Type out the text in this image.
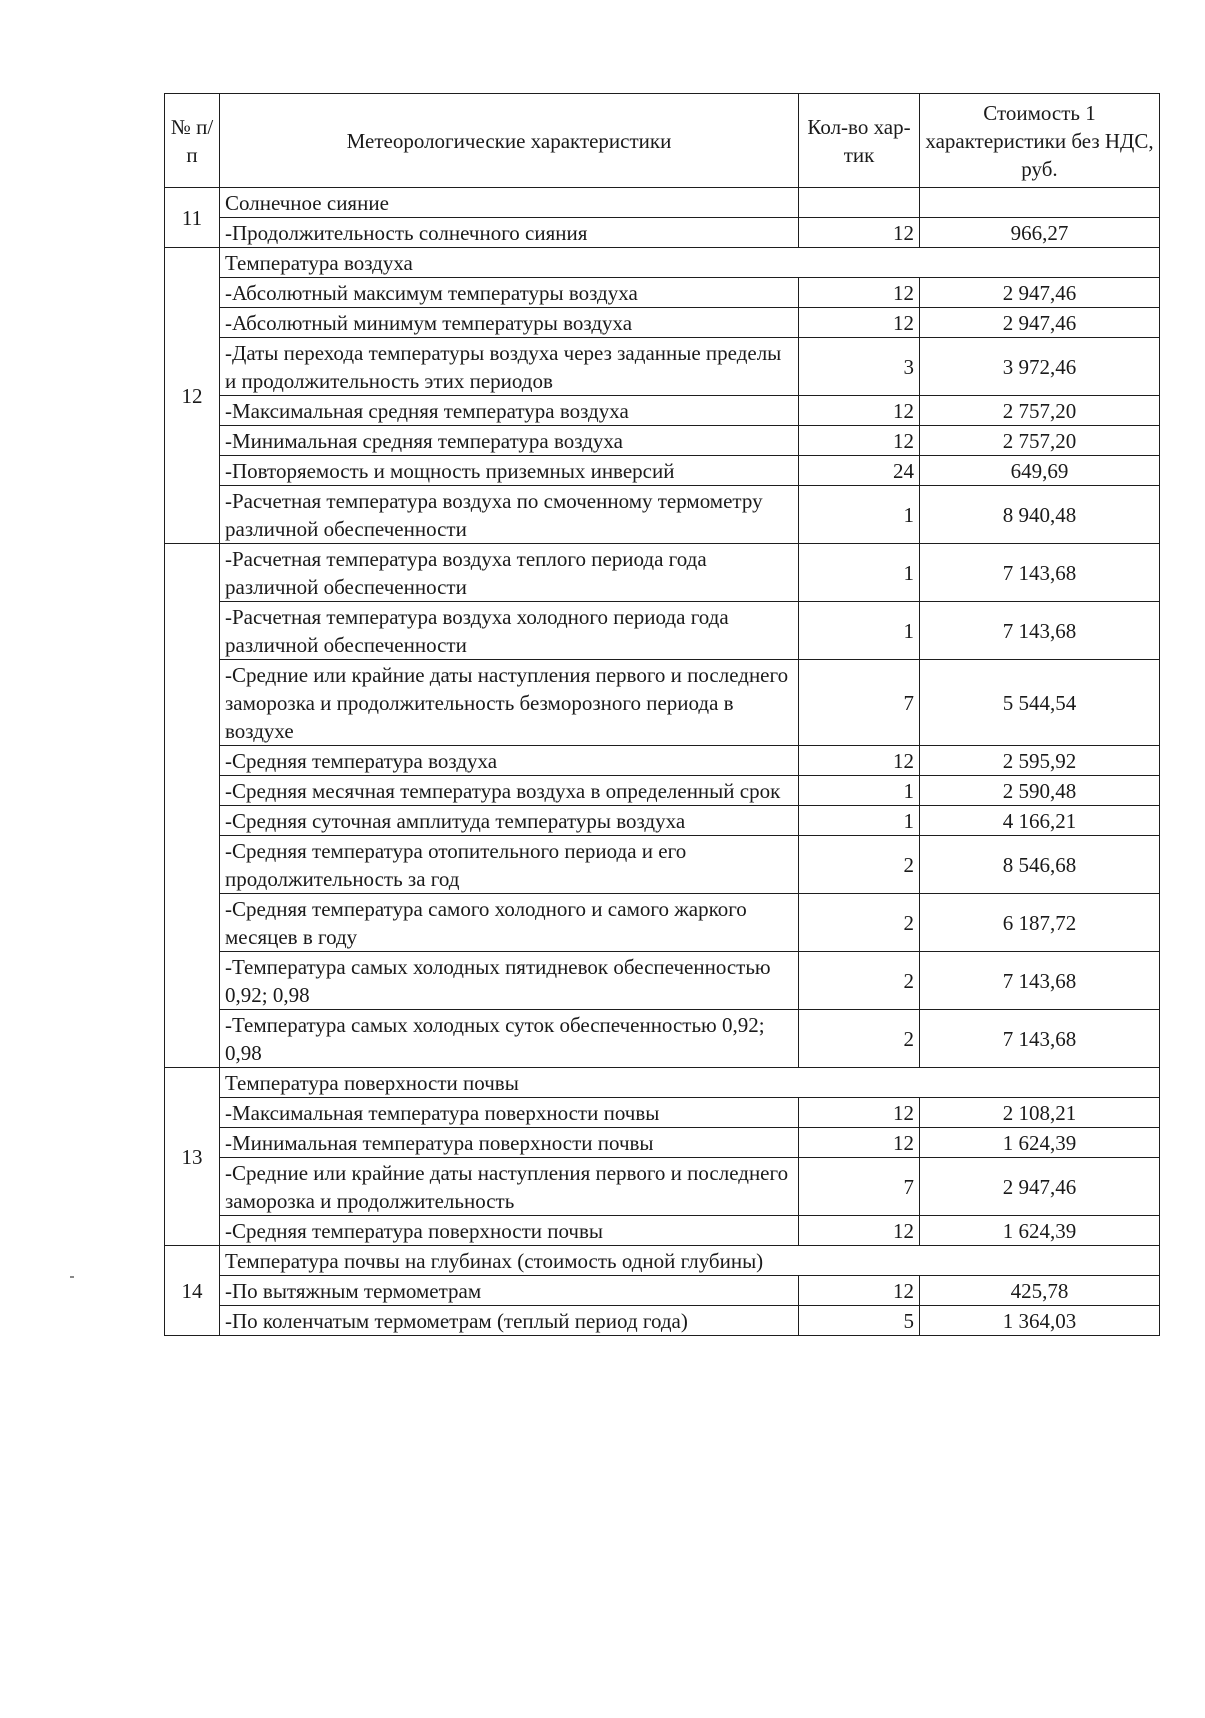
№ п/п	Метеорологические характеристики	Кол-во хар-тик	Стоимость 1 характеристики без НДС, руб.
11	Солнечное сияние		
	-Продолжительность солнечного сияния	12	966,27
12	Температура воздуха		
	-Абсолютный максимум температуры воздуха	12	2 947,46
	-Абсолютный минимум температуры воздуха	12	2 947,46
	-Даты перехода температуры воздуха через заданные пределы и продолжительность этих периодов	3	3 972,46
	-Максимальная средняя температура воздуха	12	2 757,20
	-Минимальная средняя температура воздуха	12	2 757,20
	-Повторяемость и мощность приземных инверсий	24	649,69
	-Расчетная температура воздуха по смоченному термометру различной обеспеченности	1	8 940,48
	-Расчетная температура воздуха теплого периода года различной обеспеченности	1	7 143,68
	-Расчетная температура воздуха холодного периода года различной обеспеченности	1	7 143,68
	-Средние или крайние даты наступления первого и последнего заморозка и продолжительность безморозного периода в воздухе	7	5 544,54
	-Средняя температура воздуха	12	2 595,92
	-Средняя месячная температура воздуха в определенный срок	1	2 590,48
	-Средняя суточная амплитуда температуры воздуха	1	4 166,21
	-Средняя температура отопительного периода и его продолжительность за год	2	8 546,68
	-Средняя температура самого холодного и самого жаркого месяцев в году	2	6 187,72
	-Температура самых холодных пятидневок обеспеченностью 0,92; 0,98	2	7 143,68
	-Температура самых холодных суток обеспеченностью 0,92; 0,98	2	7 143,68
13	Температура поверхности почвы		
	-Максимальная температура поверхности почвы	12	2 108,21
	-Минимальная температура поверхности почвы	12	1 624,39
	-Средние или крайние даты наступления первого и последнего заморозка и продолжительность	7	2 947,46
	-Средняя температура поверхности почвы	12	1 624,39
14	Температура почвы на глубинах (стоимость одной глубины)		
	-По вытяжным термометрам	12	425,78
	-По коленчатым термометрам (теплый период года)	5	1 364,03
